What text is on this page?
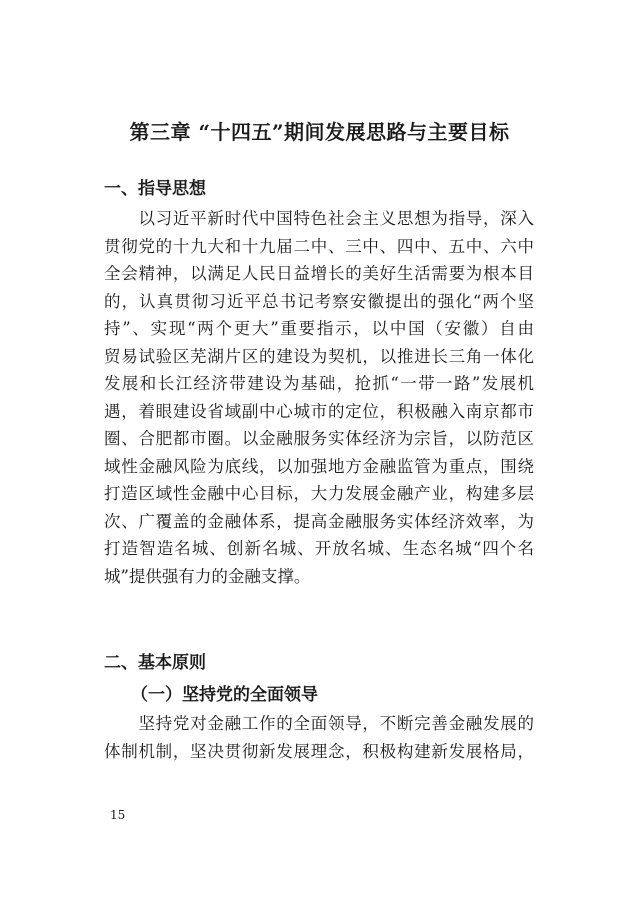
第三章 “十四五”期间发展思路与主要目标
一、指导思想

　　以习近平新时代中国特色社会主义思想为指导，深入
贯彻党的十九大和十九届二中、三中、四中、五中、六中
全会精神，以满足人民日益增长的美好生活需要为根本目
的，认真贯彻习近平总书记考察安徽提出的强化“两个坚
持”、实现“两个更大”重要指示，以中国（安徽）自由
贸易试验区芜湖片区的建设为契机，以推进长三角一体化
发展和长江经济带建设为基础，抢抓“一带一路”发展机
遇，着眼建设省域副中心城市的定位，积极融入南京都市
圈、合肥都市圈。以金融服务实体经济为宗旨，以防范区
域性金融风险为底线，以加强地方金融监管为重点，围绕
打造区域性金融中心目标，大力发展金融产业，构建多层
次、广覆盖的金融体系，提高金融服务实体经济效率，为
打造智造名城、创新名城、开放名城、生态名城“四个名
城”提供强有力的金融支撑。

二、基本原则
（一）坚持党的全面领导

　　坚持党对金融工作的全面领导，不断完善金融发展的
体制机制，坚决贯彻新发展理念，积极构建新发展格局，

15
